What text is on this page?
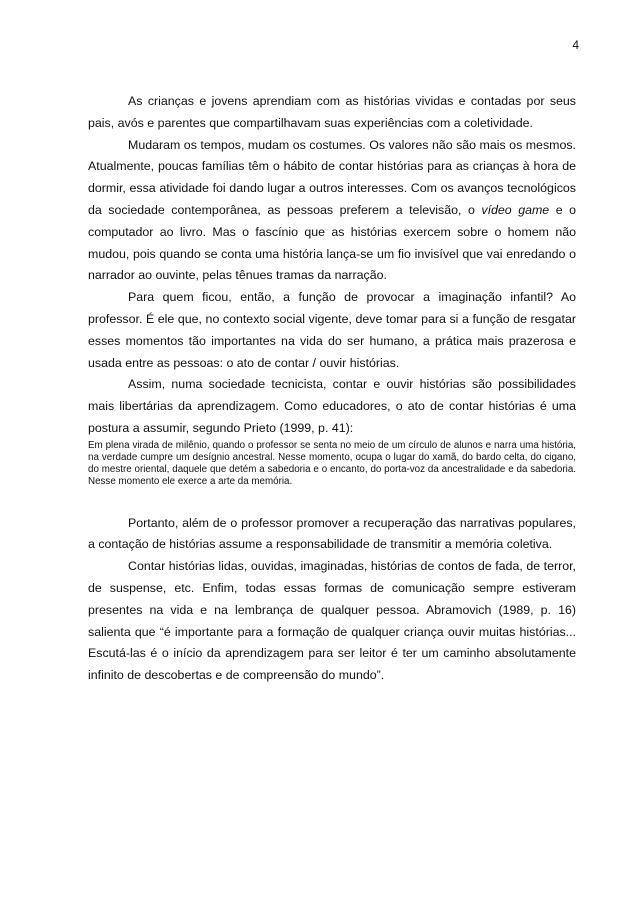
4

As crianças e jovens aprendiam com as histórias vividas e contadas por seus pais, avós e parentes que compartilhavam suas experiências com a coletividade.

Mudaram os tempos, mudam os costumes. Os valores não são mais os mesmos. Atualmente, poucas famílias têm o hábito de contar histórias para as crianças à hora de dormir, essa atividade foi dando lugar a outros interesses. Com os avanços tecnológicos da sociedade contemporânea, as pessoas preferem a televisão, o vídeo game e o computador ao livro. Mas o fascínio que as histórias exercem sobre o homem não mudou, pois quando se conta uma história lança-se um fio invisível que vai enredando o narrador ao ouvinte, pelas tênues tramas da narração.

Para quem ficou, então, a função de provocar a imaginação infantil? Ao professor. É ele que, no contexto social vigente, deve tomar para si a função de resgatar esses momentos tão importantes na vida do ser humano, a prática mais prazerosa e usada entre as pessoas: o ato de contar / ouvir histórias.

Assim, numa sociedade tecnicista, contar e ouvir histórias são possibilidades mais libertárias da aprendizagem. Como educadores, o ato de contar histórias é uma postura a assumir, segundo Prieto (1999, p. 41):

Em plena virada de milênio, quando o professor se senta no meio de um círculo de alunos e narra uma história, na verdade cumpre um desígnio ancestral. Nesse momento, ocupa o lugar do xamã, do bardo celta, do cigano, do mestre oriental, daquele que detém a sabedoria e o encanto, do porta-voz da ancestralidade e da sabedoria. Nesse momento ele exerce a arte da memória.

Portanto, além de o professor promover a recuperação das narrativas populares, a contação de histórias assume a responsabilidade de transmitir a memória coletiva.

Contar histórias lidas, ouvidas, imaginadas, histórias de contos de fada, de terror, de suspense, etc. Enfim, todas essas formas de comunicação sempre estiveram presentes na vida e na lembrança de qualquer pessoa. Abramovich (1989, p. 16) salienta que “é importante para a formação de qualquer criança ouvir muitas histórias... Escutá-las é o início da aprendizagem para ser leitor é ter um caminho absolutamente infinito de descobertas e de compreensão do mundo”.
